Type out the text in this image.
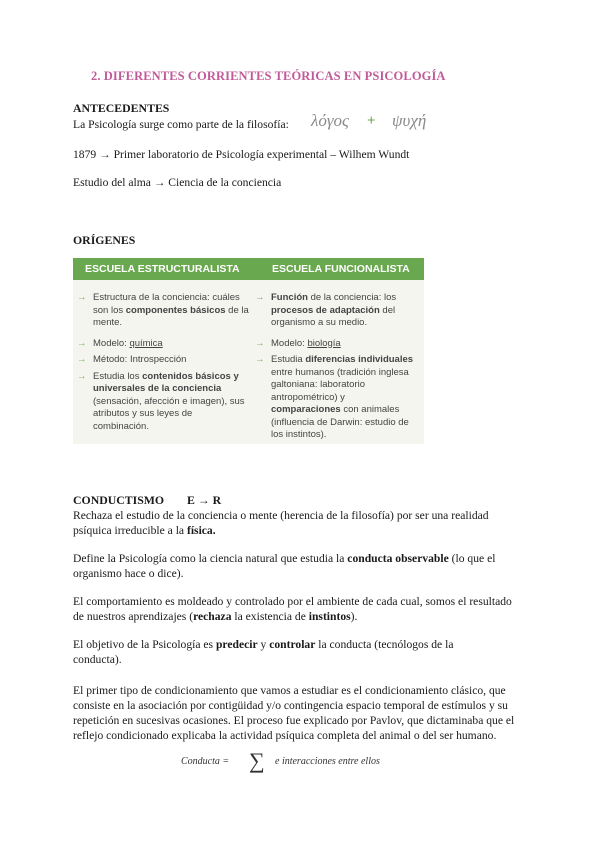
2. DIFERENTES CORRIENTES TEÓRICAS EN PSICOLOGÍA
ANTECEDENTES
La Psicología surge como parte de la filosofía: λόγος + ψυχή
1879 → Primer laboratorio de Psicología experimental – Wilhem Wundt
Estudio del alma → Ciencia de la conciencia
ORÍGENES
ESCUELA ESTRUCTURALISTA	ESCUELA FUNCIONALISTA
→ Estructura de la conciencia: cuáles son los componentes básicos de la mente.
→ Modelo: química
→ Método: Introspección
→ Estudia los contenidos básicos y universales de la conciencia (sensación, afección e imagen), sus atributos y sus leyes de combinación.
→ Función de la conciencia: los procesos de adaptación del organismo a su medio.
→ Modelo: biología
→ Estudia diferencias individuales entre humanos (tradición inglesa galtoniana: laboratorio antropométrico) y comparaciones con animales (influencia de Darwin: estudio de los instintos).
CONDUCTISMO E → R
Rechaza el estudio de la conciencia o mente (herencia de la filosofía) por ser una realidad psíquica irreducible a la física.
Define la Psicología como la ciencia natural que estudia la conducta observable (lo que el organismo hace o dice).
El comportamiento es moldeado y controlado por el ambiente de cada cual, somos el resultado de nuestros aprendizajes (rechaza la existencia de instintos).
El objetivo de la Psicología es predecir y controlar la conducta (tecnólogos de la conducta).
El primer tipo de condicionamiento que vamos a estudiar es el condicionamiento clásico, que consiste en la asociación por contigüidad y/o contingencia espacio temporal de estímulos y su repetición en sucesivas ocasiones. El proceso fue explicado por Pavlov, que dictaminaba que el reflejo condicionado explicaba la actividad psíquica completa del animal o del ser humano.
Conducta = ∑ e interacciones entre ellos
